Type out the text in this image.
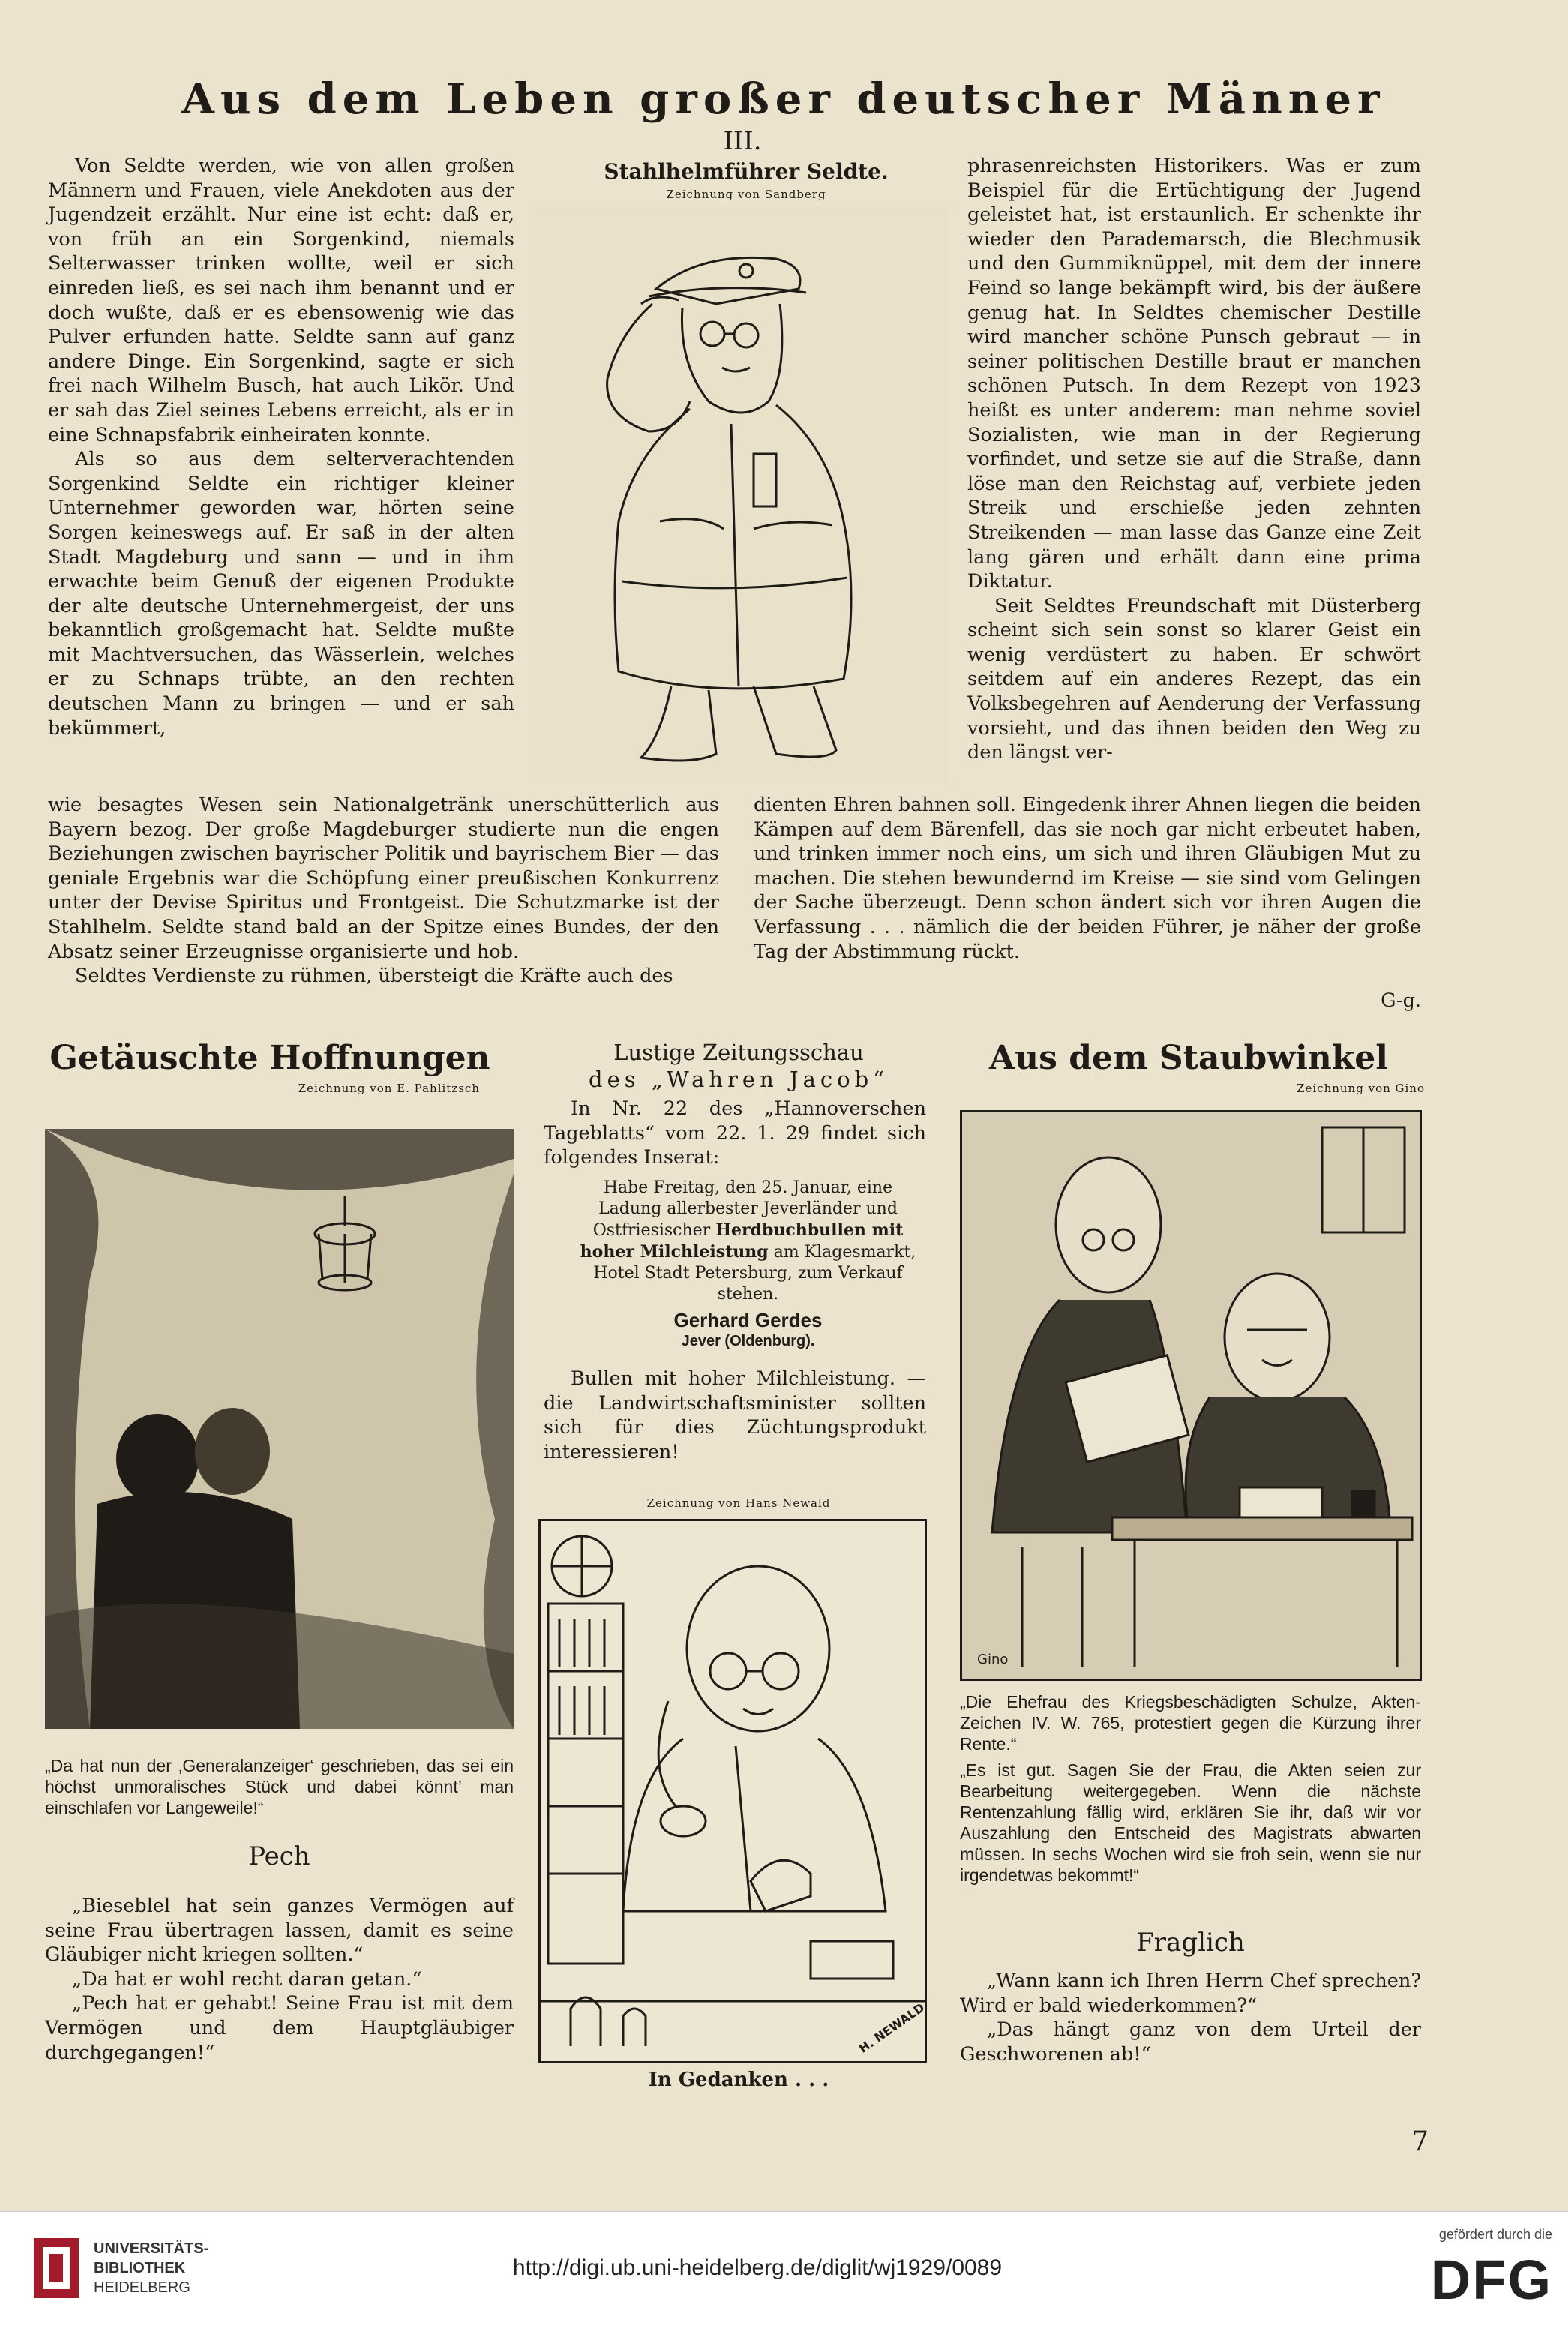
Aus dem Leben großer deutscher Männer
III.

Von Seldte werden, wie von allen großen Männern und Frauen, viele Anekdoten aus der Jugendzeit erzählt. Nur eine ist echt: daß er, von früh an ein Sorgenkind, niemals Selterwasser trinken wollte, weil er sich einreden ließ, es sei nach ihm benannt und er doch wußte, daß er es ebensowenig wie das Pulver erfunden hatte. Seldte sann auf ganz andere Dinge. Ein Sorgenkind, sagte er sich frei nach Wilhelm Busch, hat auch Likör. Und er sah das Ziel seines Lebens erreicht, als er in eine Schnapsfabrik einheiraten konnte.

Als so aus dem selterverachtenden Sorgenkind Seldte ein richtiger kleiner Unternehmer geworden war, hörten seine Sorgen keineswegs auf. Er saß in der alten Stadt Magdeburg und sann — und in ihm erwachte beim Genuß der eigenen Produkte der alte deutsche Unternehmergeist, der uns bekanntlich großgemacht hat. Seldte mußte mit Machtversuchen, das Wässerlein, welches er zu Schnaps trübte, an den rechten deutschen Mann zu bringen — und er sah bekümmert,

Stahlhelmführer Seldte.
Zeichnung von Sandberg

phrasenreichsten Historikers. Was er zum Beispiel für die Ertüchtigung der Jugend geleistet hat, ist erstaunlich. Er schenkte ihr wieder den Parademarsch, die Blechmusik und den Gummiknüppel, mit dem der innere Feind so lange bekämpft wird, bis der äußere genug hat. In Seldtes chemischer Destille wird mancher schöne Punsch gebraut — in seiner politischen Destille braut er manchen schönen Putsch. In dem Rezept von 1923 heißt es unter anderem: man nehme soviel Sozialisten, wie man in der Regierung vorfindet, und setze sie auf die Straße, dann löse man den Reichstag auf, verbiete jeden Streik und erschieße jeden zehnten Streikenden — man lasse das Ganze eine Zeit lang gären und erhält dann eine prima Diktatur.

Seit Seldtes Freundschaft mit Düsterberg scheint sich sein sonst so klarer Geist ein wenig verdüstert zu haben. Er schwört seitdem auf ein anderes Rezept, das ein Volksbegehren auf Aenderung der Verfassung vorsieht, und das ihnen beiden den Weg zu den längst ver-

wie besagtes Wesen sein Nationalgetränk unerschütterlich aus Bayern bezog. Der große Magdeburger studierte nun die engen Beziehungen zwischen bayrischer Politik und bayrischem Bier — das geniale Ergebnis war die Schöpfung einer preußischen Konkurrenz unter der Devise Spiritus und Frontgeist. Die Schutzmarke ist der Stahlhelm. Seldte stand bald an der Spitze eines Bundes, der den Absatz seiner Erzeugnisse organisierte und hob.

Seldtes Verdienste zu rühmen, übersteigt die Kräfte auch des

dienten Ehren bahnen soll. Eingedenk ihrer Ahnen liegen die beiden Kämpen auf dem Bärenfell, das sie noch gar nicht erbeutet haben, und trinken immer noch eins, um sich und ihren Gläubigen Mut zu machen. Die stehen bewundernd im Kreise — sie sind vom Gelingen der Sache überzeugt. Denn schon ändert sich vor ihren Augen die Verfassung . . . nämlich die der beiden Führer, je näher der große Tag der Abstimmung rückt.

G-g.
Getäuschte Hoffnungen
Zeichnung von E. Pahlitzsch
„Da hat nun der ‚Generalanzeiger‘ geschrieben, das sei ein höchst unmoralisches Stück und dabei könnt’ man einschlafen vor Langeweile!“
Pech

„Bieseblel hat sein ganzes Vermögen auf seine Frau übertragen lassen, damit es seine Gläubiger nicht kriegen sollten.“

„Da hat er wohl recht daran getan.“

„Pech hat er gehabt! Seine Frau ist mit dem Vermögen und dem Hauptgläubiger durchgegangen!“

Lustige Zeitungsschau
des „Wahren Jacob“

In Nr. 22 des „Hannoverschen Tageblatts“ vom 22. 1. 29 findet sich folgendes Inserat:

Habe Freitag, den 25. Januar, eine Ladung allerbester Jeverländer und Ostfriesischer Herdbuchbullen mit hoher Milchleistung am Klagesmarkt, Hotel Stadt Petersburg, zum Verkauf stehen.
Gerhard Gerdes
Jever (Oldenburg).

Bullen mit hoher Milchleistung. — die Landwirtschaftsminister sollten sich für dies Züchtungsprodukt interessieren!

Zeichnung von Hans Newald
H. NEWALD
In Gedanken . . .
Aus dem Staubwinkel
Zeichnung von Gino
Gino
„Die Ehefrau des Kriegsbeschädigten Schulze, Akten-Zeichen IV. W. 765, protestiert gegen die Kürzung ihrer Rente.“
„Es ist gut. Sagen Sie der Frau, die Akten seien zur Bearbeitung weitergegeben. Wenn die nächste Rentenzahlung fällig wird, erklären Sie ihr, daß wir vor Auszahlung den Entscheid des Magistrats abwarten müssen. In sechs Wochen wird sie froh sein, wenn sie nur irgendetwas bekommt!“
Fraglich

„Wann kann ich Ihren Herrn Chef sprechen? Wird er bald wiederkommen?“

„Das hängt ganz von dem Urteil der Geschworenen ab!“

7
UNIVERSITÄTS-
BIBLIOTHEK
HEIDELBERG
http://digi.ub.uni-heidelberg.de/diglit/wj1929/0089
gefördert durch die
DFG
